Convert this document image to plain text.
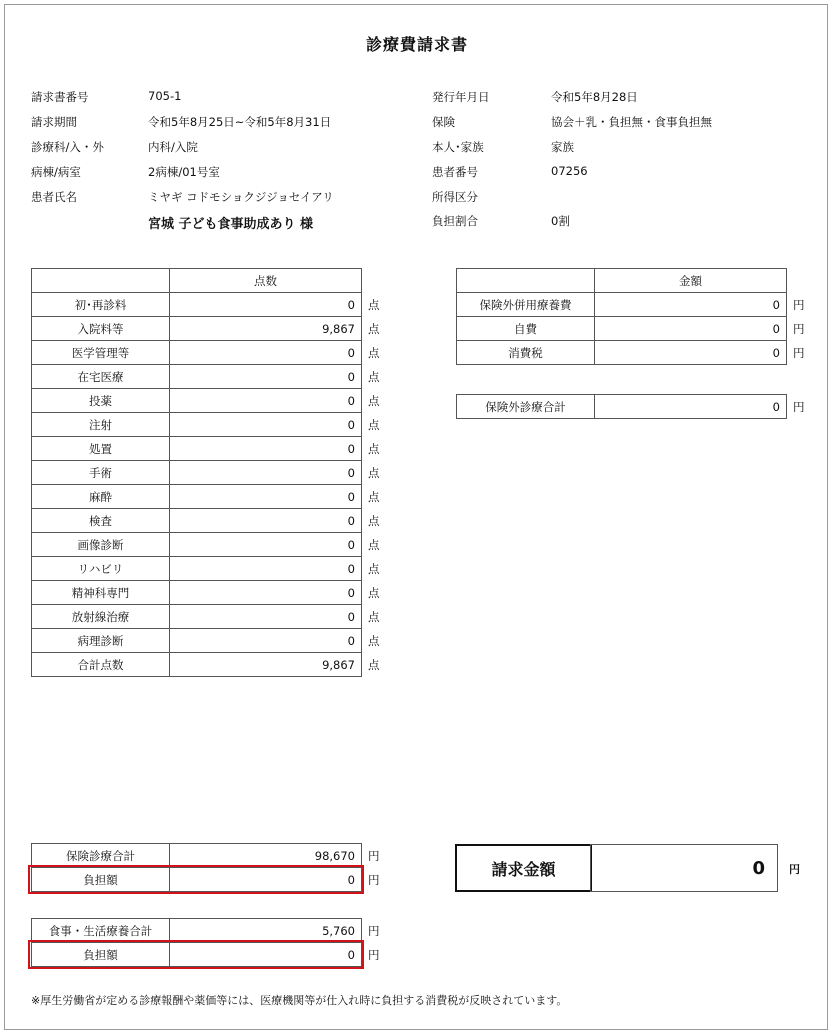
診療費請求書
請求書番号	705-1
請求期間	令和5年8月25日~令和5年8月31日
診療科/入・外	内科/入院
病棟/病室	2病棟/01号室
患者氏名	ミヤギ コドモショクジジョセイアリ
宮城 子ども食事助成あり 様
発行年月日	令和5年8月28日
保険	協会＋乳・負担無・食事負担無
本人･家族	家族
患者番号	07256
所得区分
負担割合	0割
	点数	
初･再診料	0	点
入院料等	9,867	点
医学管理等	0	点
在宅医療	0	点
投薬	0	点
注射	0	点
処置	0	点
手術	0	点
麻酔	0	点
検査	0	点
画像診断	0	点
リハビリ	0	点
精神科専門	0	点
放射線治療	0	点
病理診断	0	点
合計点数	9,867	点
	金額	
保険外併用療養費	0	円
自費	0	円
消費税	0	円
保険外診療合計	0	円
保険診療合計	98,670	円
負担額	0	円
食事・生活療養合計	5,760	円
負担額	0	円
請求金額	0	円
※厚生労働省が定める診療報酬や薬価等には、医療機関等が仕入れ時に負担する消費税が反映されています。
